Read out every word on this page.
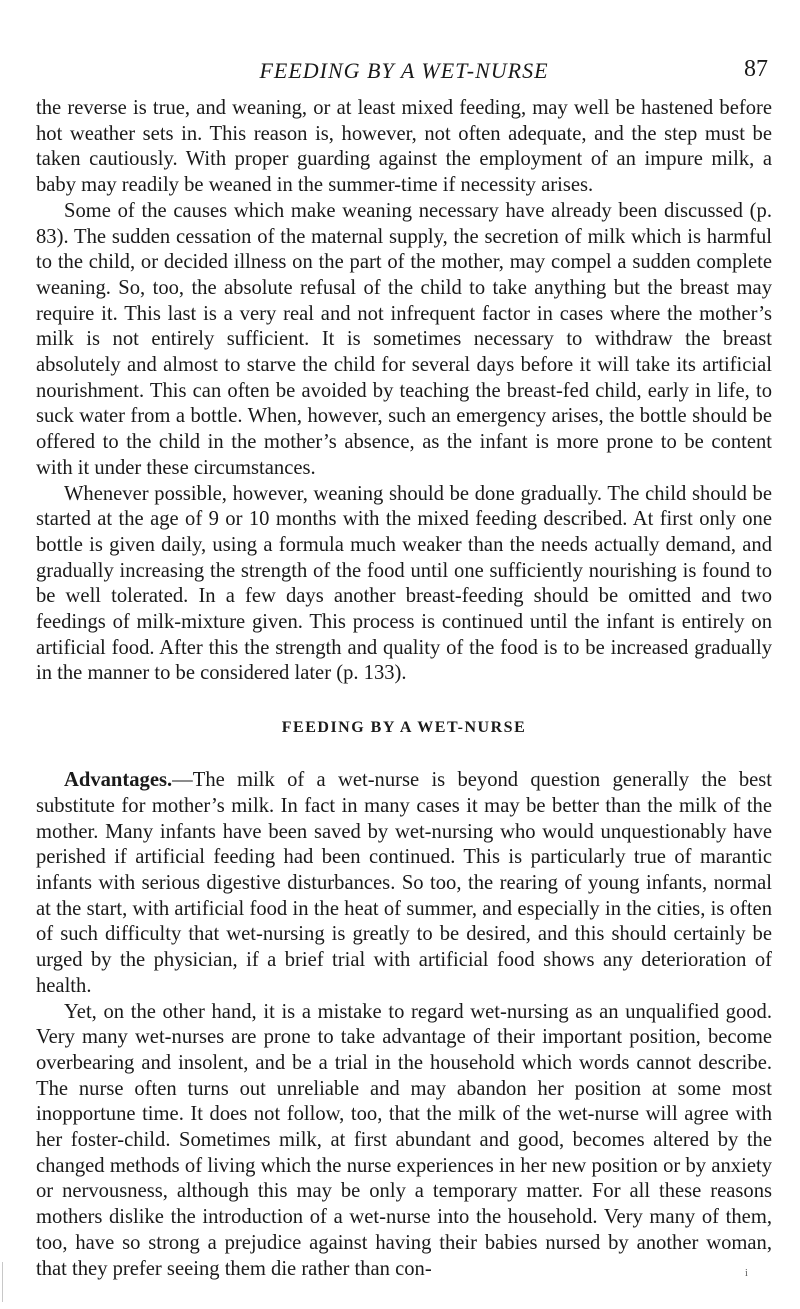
FEEDING BY A WET-NURSE	87

the reverse is true, and weaning, or at least mixed feeding, may well be hastened before hot weather sets in. This reason is, however, not often adequate, and the step must be taken cautiously. With proper guarding against the employment of an impure milk, a baby may readily be weaned in the summer-time if necessity arises.

Some of the causes which make weaning necessary have already been discussed (p. 83). The sudden cessation of the maternal supply, the secretion of milk which is harmful to the child, or decided illness on the part of the mother, may compel a sudden complete weaning. So, too, the absolute refusal of the child to take anything but the breast may require it. This last is a very real and not infrequent factor in cases where the mother’s milk is not entirely sufficient. It is sometimes necessary to withdraw the breast absolutely and almost to starve the child for several days before it will take its artificial nourishment. This can often be avoided by teaching the breast-fed child, early in life, to suck water from a bottle. When, however, such an emergency arises, the bottle should be offered to the child in the mother’s absence, as the infant is more prone to be content with it under these circumstances.

Whenever possible, however, weaning should be done gradually. The child should be started at the age of 9 or 10 months with the mixed feeding described. At first only one bottle is given daily, using a formula much weaker than the needs actually demand, and gradually increasing the strength of the food until one sufficiently nourishing is found to be well tolerated. In a few days another breast-feeding should be omitted and two feedings of milk-mixture given. This process is continued until the infant is entirely on artificial food. After this the strength and quality of the food is to be increased gradually in the manner to be considered later (p. 133).

FEEDING BY A WET-NURSE

Advantages.—The milk of a wet-nurse is beyond question generally the best substitute for mother’s milk. In fact in many cases it may be better than the milk of the mother. Many infants have been saved by wet-nursing who would unquestionably have perished if artificial feeding had been continued. This is particularly true of marantic infants with serious digestive disturbances. So too, the rearing of young infants, normal at the start, with artificial food in the heat of summer, and especially in the cities, is often of such difficulty that wet-nursing is greatly to be desired, and this should certainly be urged by the physician, if a brief trial with artificial food shows any deterioration of health.

Yet, on the other hand, it is a mistake to regard wet-nursing as an unqualified good. Very many wet-nurses are prone to take advantage of their important position, become overbearing and insolent, and be a trial in the household which words cannot describe. The nurse often turns out unreliable and may abandon her position at some most inopportune time. It does not follow, too, that the milk of the wet-nurse will agree with her foster-child. Sometimes milk, at first abundant and good, becomes altered by the changed methods of living which the nurse experiences in her new position or by anxiety or nervousness, although this may be only a temporary matter. For all these reasons mothers dislike the introduction of a wet-nurse into the household. Very many of them, too, have so strong a prejudice against having their babies nursed by another woman, that they prefer seeing them die rather than con-	i
